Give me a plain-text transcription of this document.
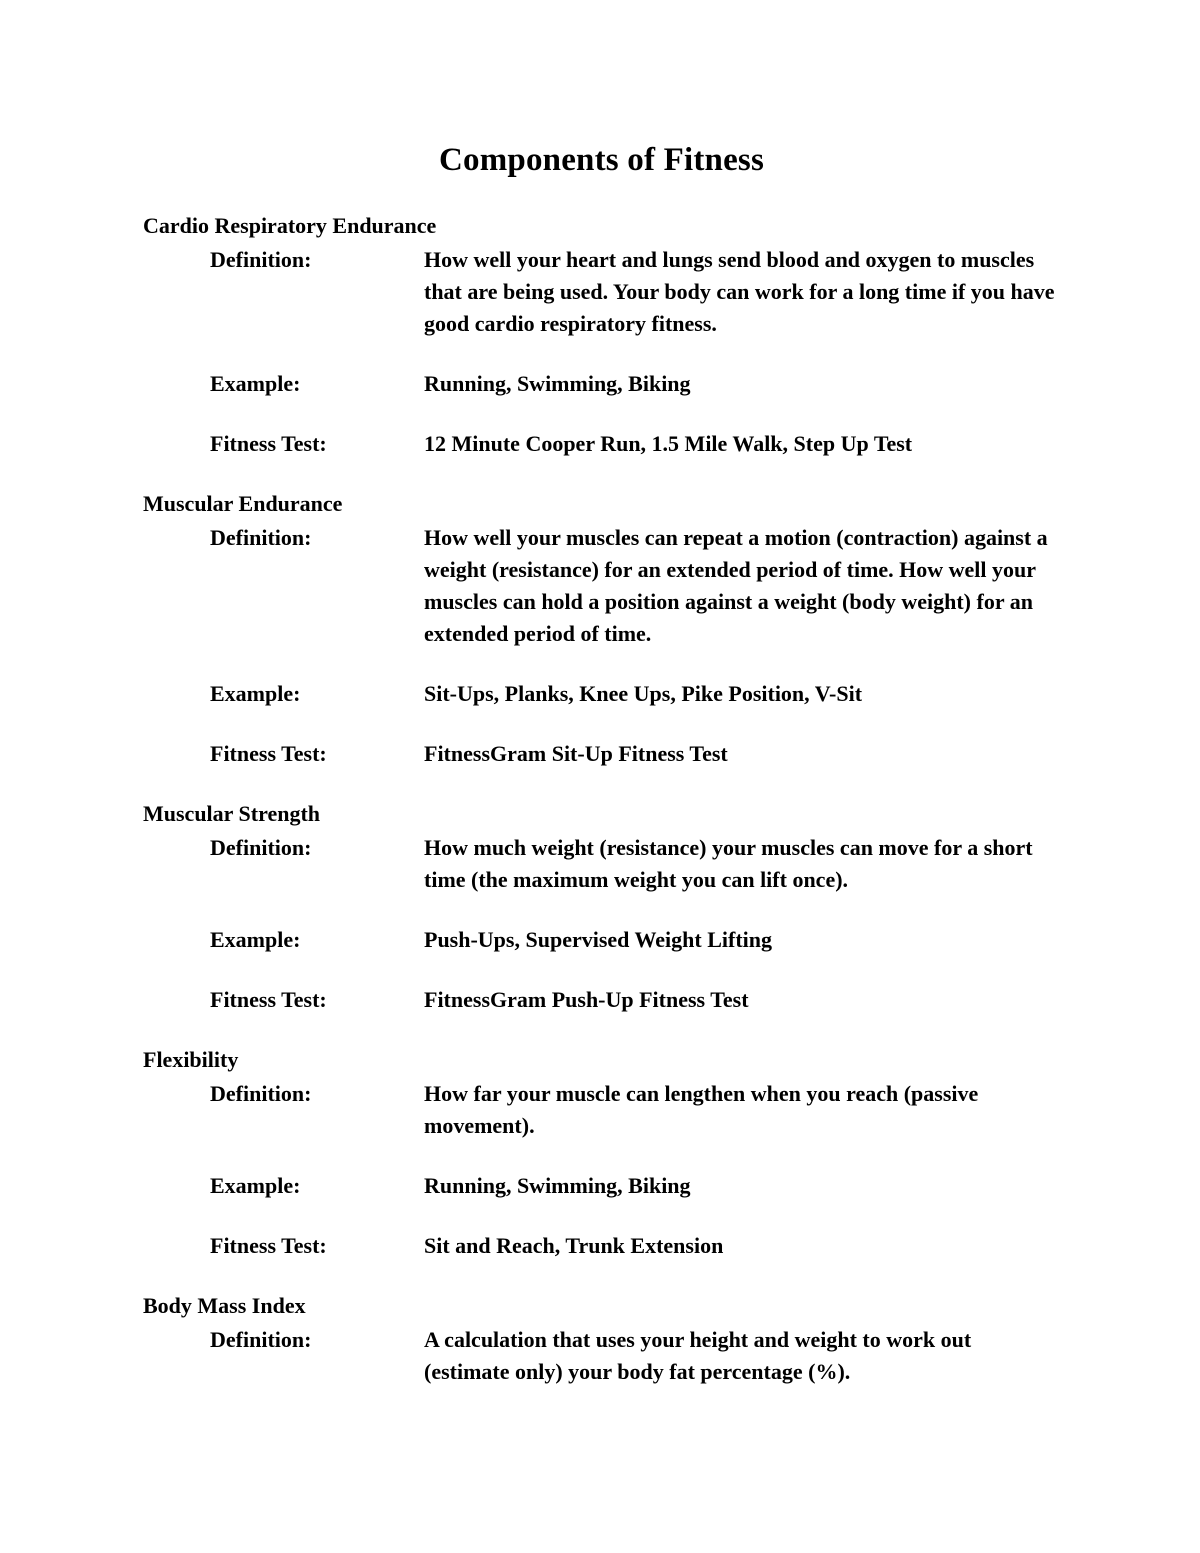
Components of Fitness
Cardio Respiratory Endurance
Definition:	How well your heart and lungs send blood and oxygen to muscles that are being used. Your body can work for a long time if you have good cardio respiratory fitness.
Example:	Running, Swimming, Biking
Fitness Test:	12 Minute Cooper Run, 1.5 Mile Walk, Step Up Test
Muscular Endurance
Definition:	How well your muscles can repeat a motion (contraction) against a weight (resistance) for an extended period of time. How well your muscles can hold a position against a weight (body weight) for an extended period of time.
Example:	Sit-Ups, Planks, Knee Ups, Pike Position, V-Sit
Fitness Test:	FitnessGram Sit-Up Fitness Test
Muscular Strength
Definition:	How much weight (resistance) your muscles can move for a short time (the maximum weight you can lift once).
Example:	Push-Ups, Supervised Weight Lifting
Fitness Test:	FitnessGram Push-Up Fitness Test
Flexibility
Definition:	How far your muscle can lengthen when you reach (passive movement).
Example:	Running, Swimming, Biking
Fitness Test:	Sit and Reach, Trunk Extension
Body Mass Index
Definition:	A calculation that uses your height and weight to work out (estimate only) your body fat percentage (%).
